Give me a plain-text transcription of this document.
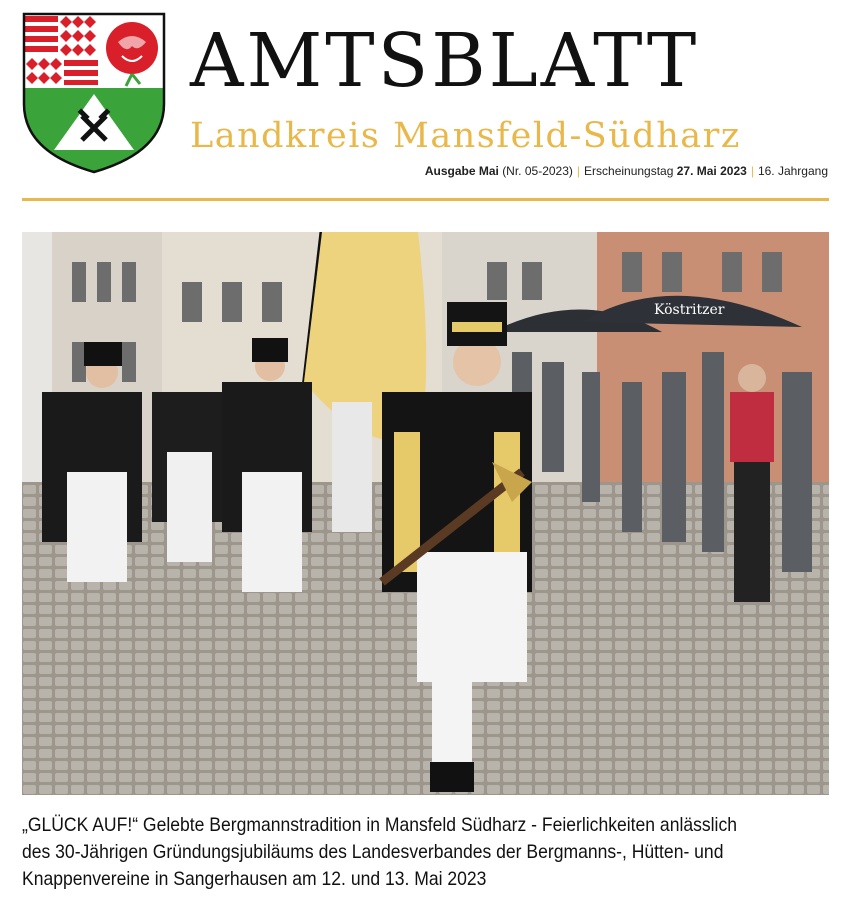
AMTSBLATT
Landkreis Mansfeld-Südharz
Ausgabe Mai (Nr. 05-2023) | Erscheinungstag 27. Mai 2023 | 16. Jahrgang
Köstritzer
„GLÜCK AUF!“ Gelebte Bergmannstradition in Mansfeld Südharz - Feierlichkeiten anlässlich
des 30-Jährigen Gründungsjubiläums des Landesverbandes der Bergmanns-, Hütten- und
Knappenvereine in Sangerhausen am 12. und 13. Mai 2023
